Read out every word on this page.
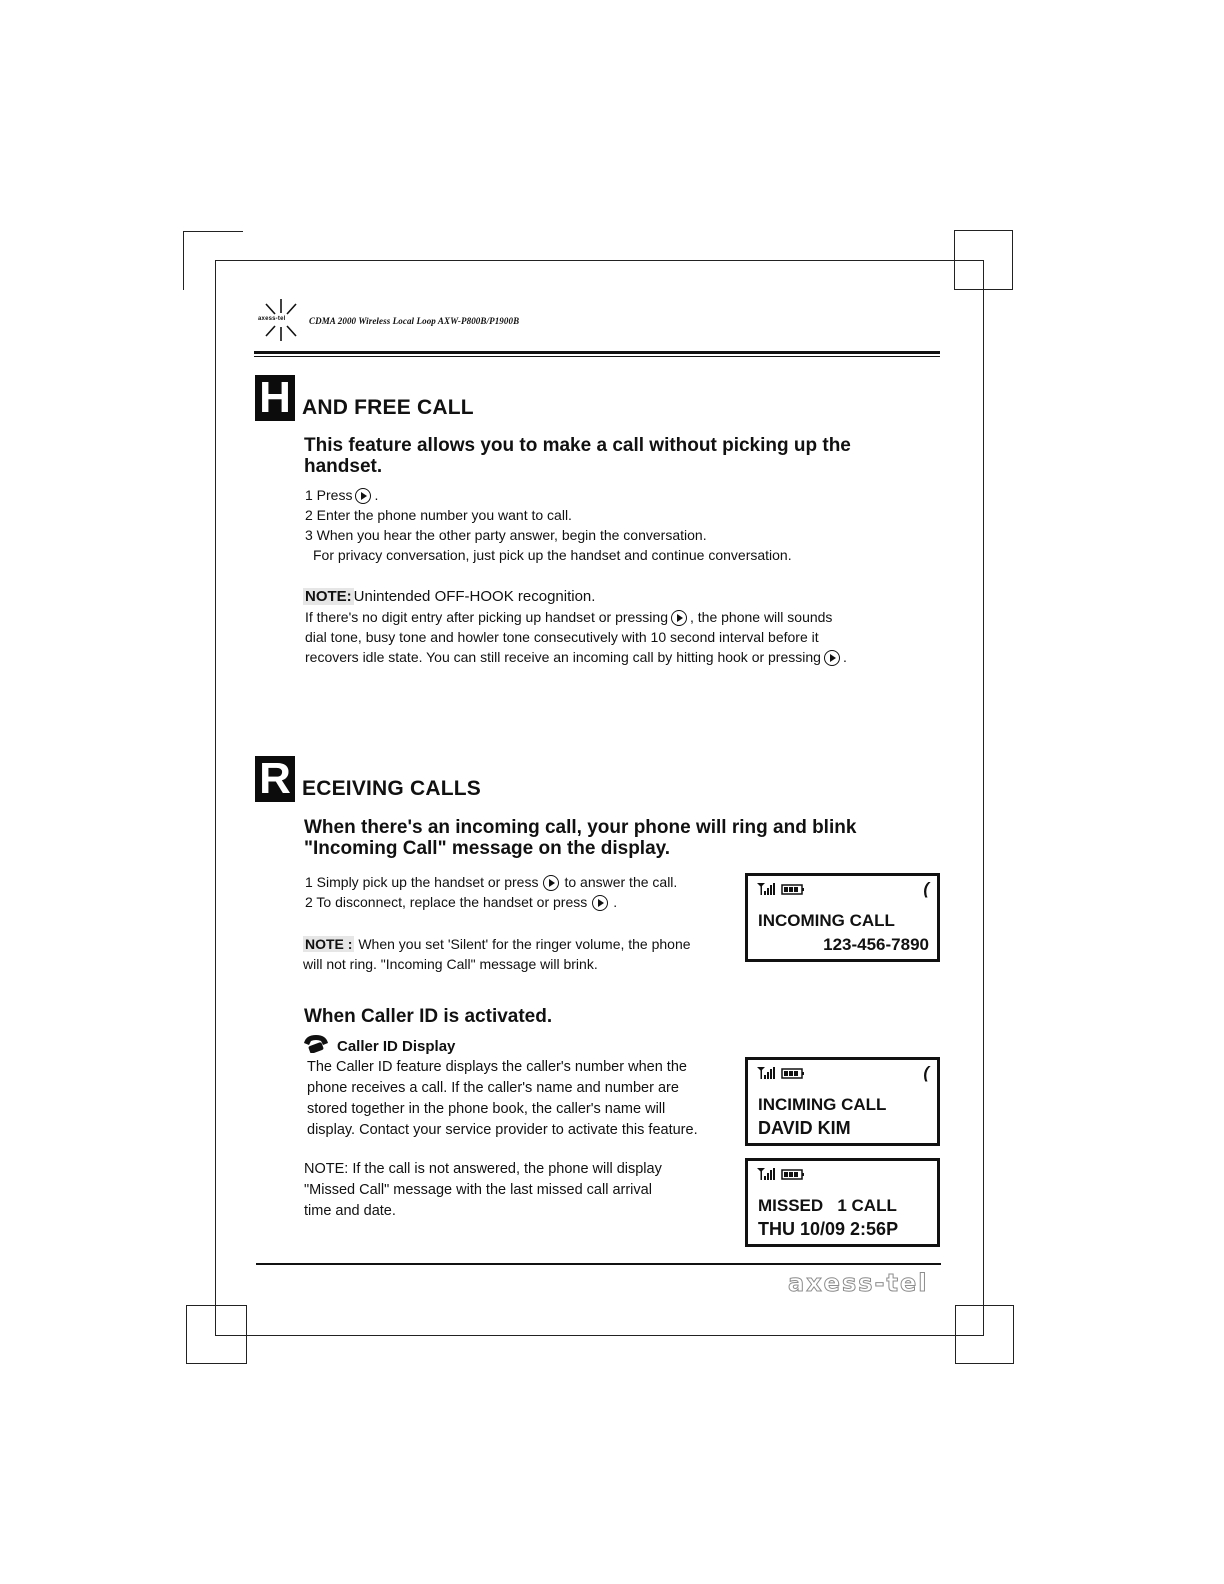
axess-tel	CDMA 2000 Wireless Local Loop AXW-P800B/P1900B
H AND FREE CALL
This feature allows you to make a call without picking up the handset.

1 Press .

2 Enter the phone number you want to call.

3 When you hear the other party answer, begin the conversation.

For privacy conversation, just pick up the handset and continue conversation.

NOTE: Unintended OFF-HOOK recognition.

If there's no digit entry after picking up handset or pressing , the phone will sounds

dial tone, busy tone and howler tone consecutively with 10 second interval before it

recovers idle state. You can still receive an incoming call by hitting hook or pressing .

R ECEIVING CALLS
When there's an incoming call, your phone will ring and blink
"Incoming Call" message on the display.

1 Simply pick up the handset or press to answer the call.

2 To disconnect, replace the handset or press .

NOTE : When you set 'Silent' for the ringer volume, the phone

will not ring. "Incoming Call" message will brink.

When Caller ID is activated.
Caller ID Display

The Caller ID feature displays the caller's number when the

phone receives a call. If the caller's name and number are

stored together in the phone book, the caller's name will

display. Contact your service provider to activate this feature.

NOTE: If the call is not answered, the phone will display

"Missed Call" message with the last missed call arrival

time and date.

(
INCOMING CALL
123-456-7890
(
INCIMING CALL
DAVID KIM
MISSED   1 CALL
THU 10/09 2:56P
axess-tel
